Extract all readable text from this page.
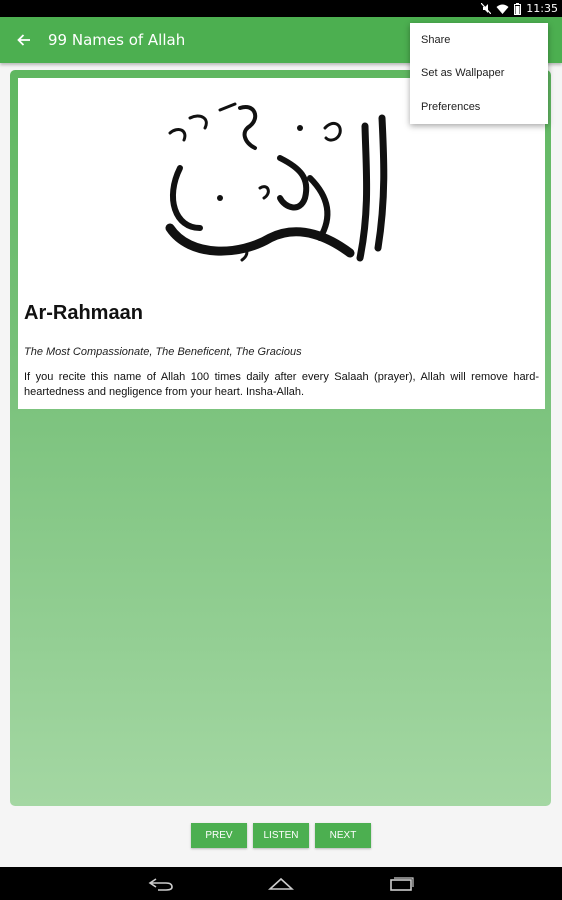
11:35
99 Names of Allah
Ar-Rahmaan
The Most Compassionate, The Beneficent, The Gracious
If you recite this name of Allah 100 times daily after every Salaah (prayer), Allah will remove hard-heartedness and negligence from your heart. Insha-Allah.
Share
Set as Wallpaper
Preferences
PREV	LISTEN	NEXT
